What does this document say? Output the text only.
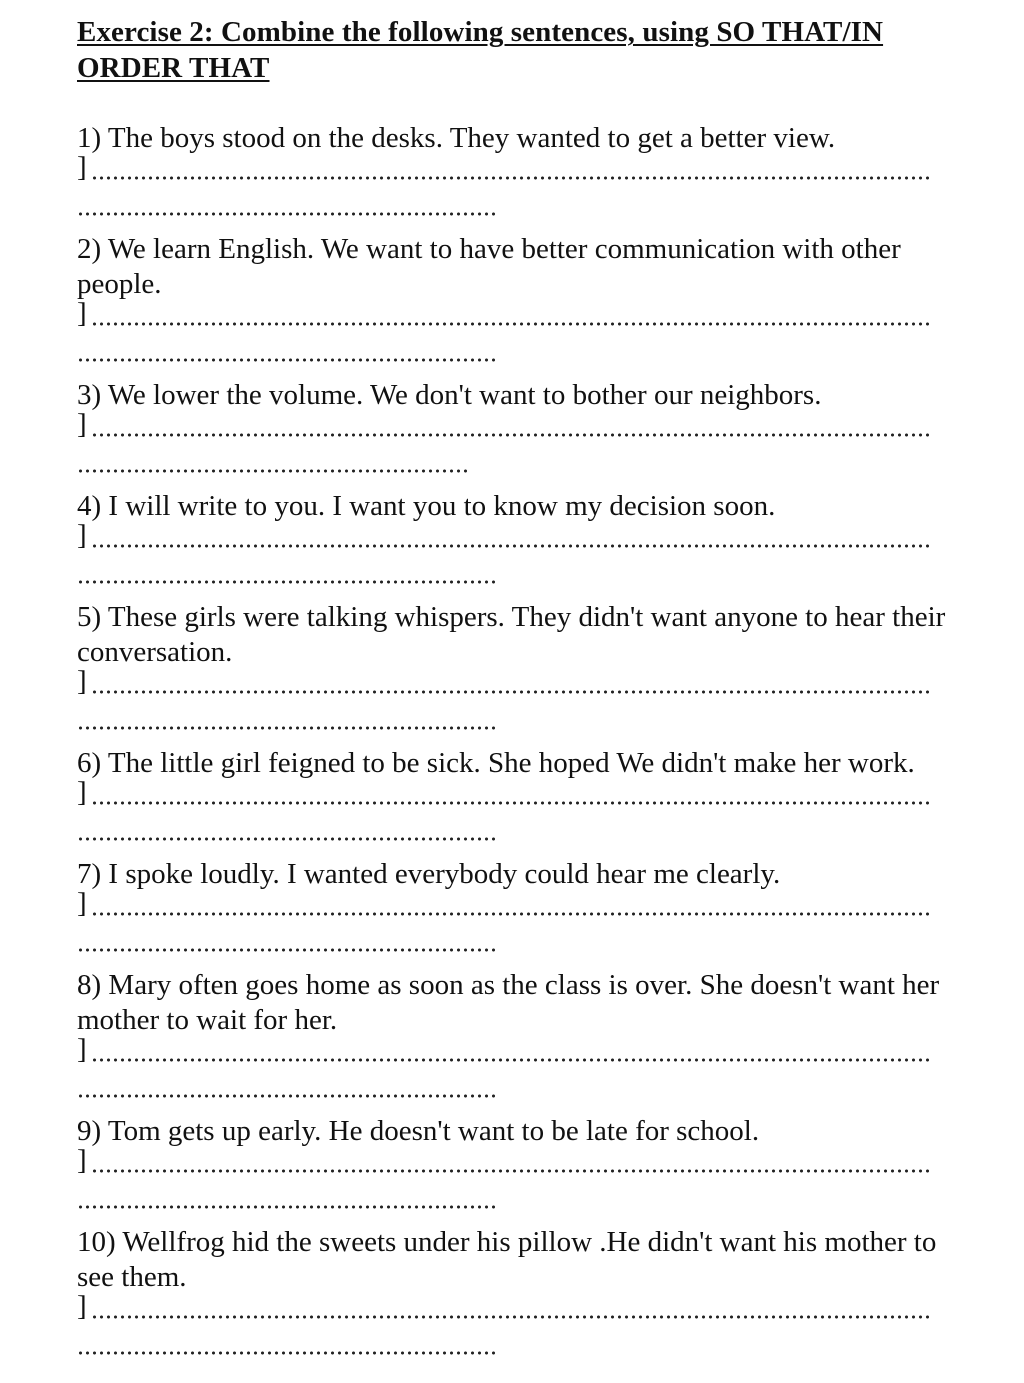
Exercise 2: Combine the following sentences, using SO THAT/IN
ORDER THAT
1) The boys stood on the desks. They wanted to get a better view.
]
2) We learn English. We want to have better communication with other people.
]
3) We lower the volume. We don't want to bother our neighbors.
]
4) I will write to you. I want you to know my decision soon.
]
5) These girls were talking whispers. They didn't want anyone to hear their conversation.
]
6) The little girl feigned to be sick. She hoped We didn't make her work.
]
7) I spoke loudly. I wanted everybody could hear me clearly.
]
8) Mary often goes home as soon as the class is over. She doesn't want her mother to wait for her.
]
9) Tom gets up early. He doesn't want to be late for school.
]
10) Wellfrog hid the sweets under his pillow .He didn't want his mother to see them.
]
